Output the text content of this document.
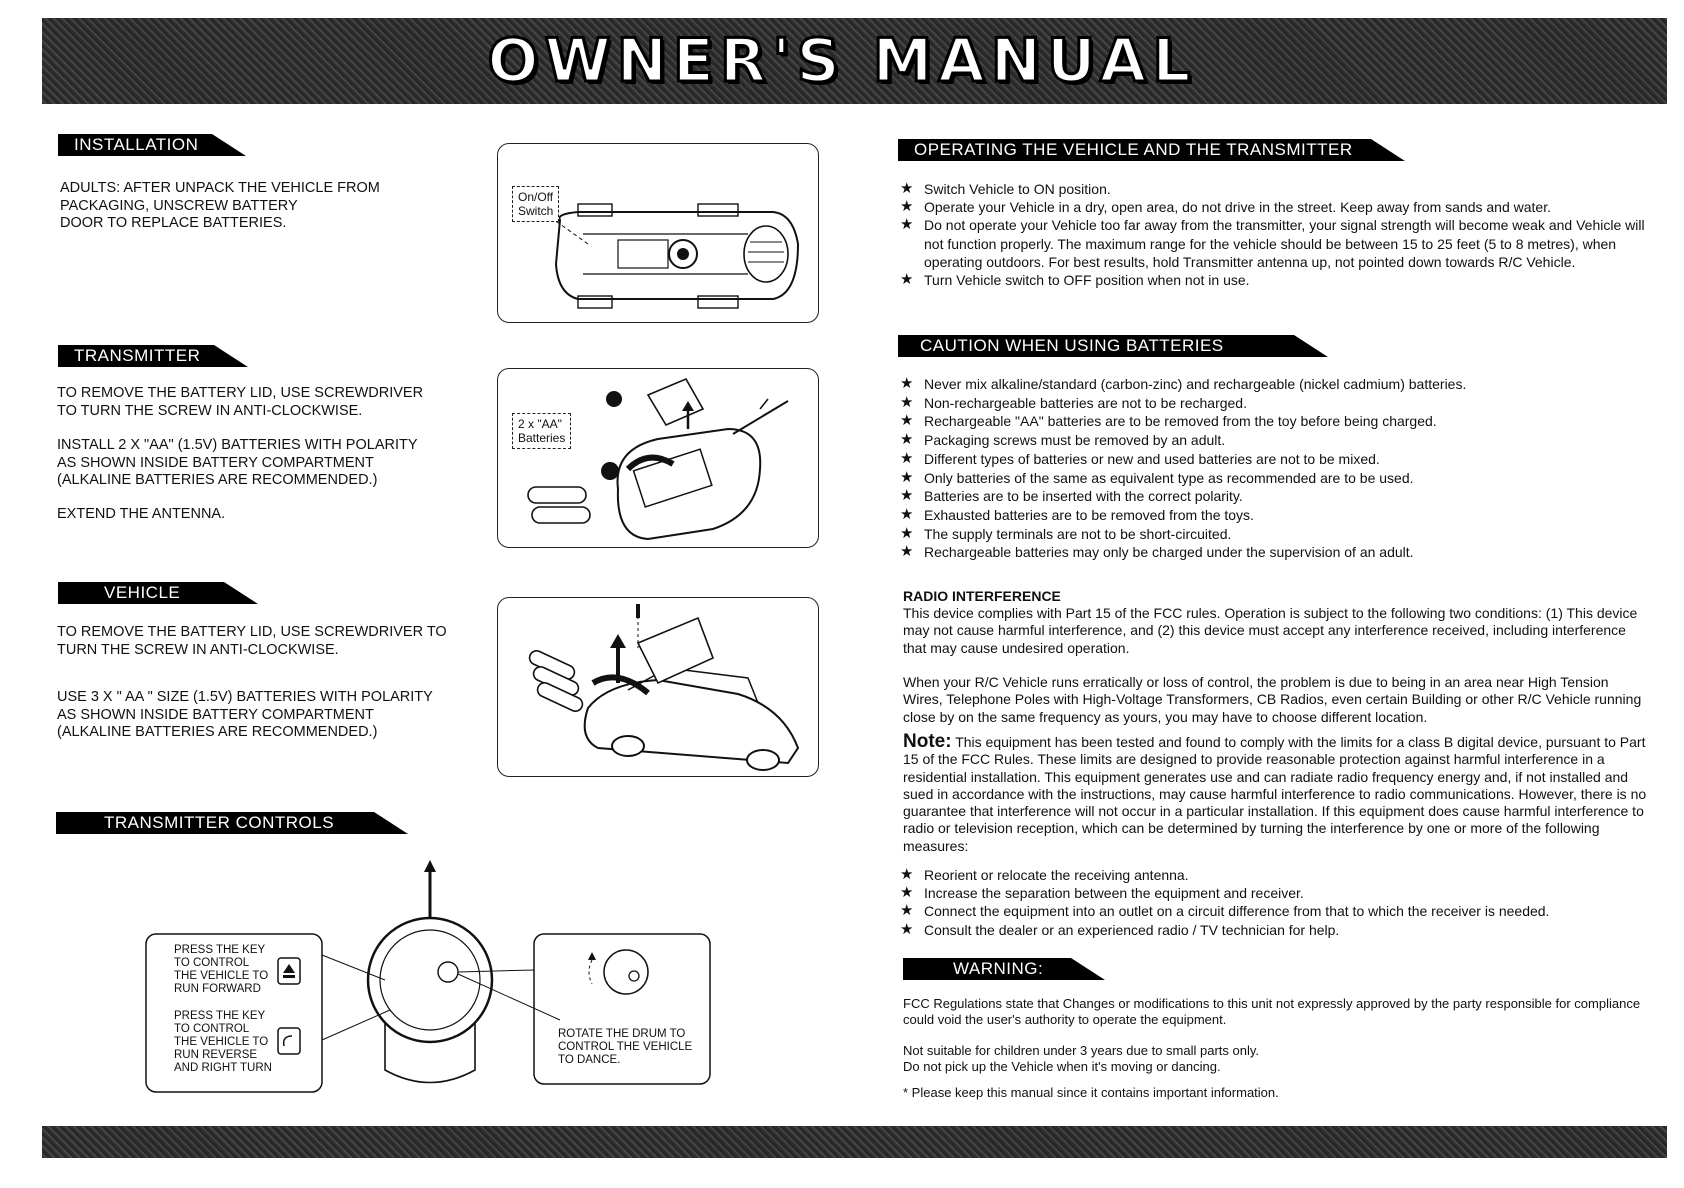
OWNER'S MANUAL
INSTALLATION
ADULTS: AFTER UNPACK THE VEHICLE FROM
PACKAGING, UNSCREW BATTERY
DOOR TO REPLACE BATTERIES.
On/Off
Switch
TRANSMITTER
TO REMOVE THE BATTERY LID, USE SCREWDRIVER
TO TURN THE SCREW IN ANTI-CLOCKWISE.
INSTALL 2 X "AA" (1.5V) BATTERIES WITH POLARITY
AS SHOWN INSIDE BATTERY COMPARTMENT
(ALKALINE BATTERIES ARE RECOMMENDED.)
EXTEND THE ANTENNA.
2 x "AA"
Batteries
VEHICLE
TO REMOVE THE BATTERY LID, USE SCREWDRIVER TO
TURN THE SCREW IN ANTI-CLOCKWISE.
USE 3 X " AA " SIZE (1.5V) BATTERIES WITH POLARITY
AS SHOWN INSIDE BATTERY COMPARTMENT
(ALKALINE BATTERIES ARE RECOMMENDED.)
TRANSMITTER CONTROLS
PRESS THE KEY
TO CONTROL
THE VEHICLE TO
RUN FORWARD
PRESS THE KEY
TO CONTROL
THE VEHICLE TO
RUN REVERSE
AND RIGHT TURN
ROTATE THE DRUM TO
CONTROL THE VEHICLE
TO DANCE.
OPERATING THE VEHICLE AND THE TRANSMITTER
★ Switch Vehicle to ON position.
★ Operate your Vehicle in a dry, open area, do not drive in the street. Keep away from sands and water.
★ Do not operate your Vehicle too far away from the transmitter, your signal strength will become weak and Vehicle will not function properly. The maximum range for the vehicle should be between 15 to 25 feet (5 to 8 metres), when operating outdoors. For best results, hold Transmitter antenna up, not pointed down towards R/C Vehicle.
★ Turn Vehicle switch to OFF position when not in use.
CAUTION WHEN USING BATTERIES
★ Never mix alkaline/standard (carbon-zinc) and rechargeable (nickel cadmium) batteries.
★ Non-rechargeable batteries are not to be recharged.
★ Rechargeable "AA" batteries are to be removed from the toy before being charged.
★ Packaging screws must be removed by an adult.
★ Different types of batteries or new and used batteries are not to be mixed.
★ Only batteries of the same as equivalent type as recommended are to be used.
★ Batteries are to be inserted with the correct polarity.
★ Exhausted batteries are to be removed from the toys.
★ The supply terminals are not to be short-circuited.
★ Rechargeable batteries may only be charged under the supervision of an adult.
RADIO INTERFERENCE
This device complies with Part 15 of the FCC rules. Operation is subject to the following two conditions: (1) This device may not cause harmful interference, and (2) this device must accept any interference received, including interference that may cause undesired operation.
When your R/C Vehicle runs erratically or loss of control, the problem is due to being in an area near High Tension Wires, Telephone Poles with High-Voltage Transformers, CB Radios, even certain Building or other R/C Vehicle running close by on the same frequency as yours, you may have to choose different location.
Note: This equipment has been tested and found to comply with the limits for a class B digital device, pursuant to Part 15 of the FCC Rules. These limits are designed to provide reasonable protection against harmful interference in a residential installation. This equipment generates use and can radiate radio frequency energy and, if not installed and sued in accordance with the instructions, may cause harmful interference to radio communications. However, there is no guarantee that interference will not occur in a particular installation. If this equipment does cause harmful interference to radio or television reception, which can be determined by turning the interference by one or more of the following measures:
★ Reorient or relocate the receiving antenna.
★ Increase the separation between the equipment and receiver.
★ Connect the equipment into an outlet on a circuit difference from that to which the receiver is needed.
★ Consult the dealer or an experienced radio / TV technician for help.
WARNING:
FCC Regulations state that Changes or modifications to this unit not expressly approved by the party responsible for compliance could void the user's authority to operate the equipment.
Not suitable for children under 3 years due to small parts only.
Do not pick up the Vehicle when it's moving or dancing.
* Please keep this manual since it contains important information.
